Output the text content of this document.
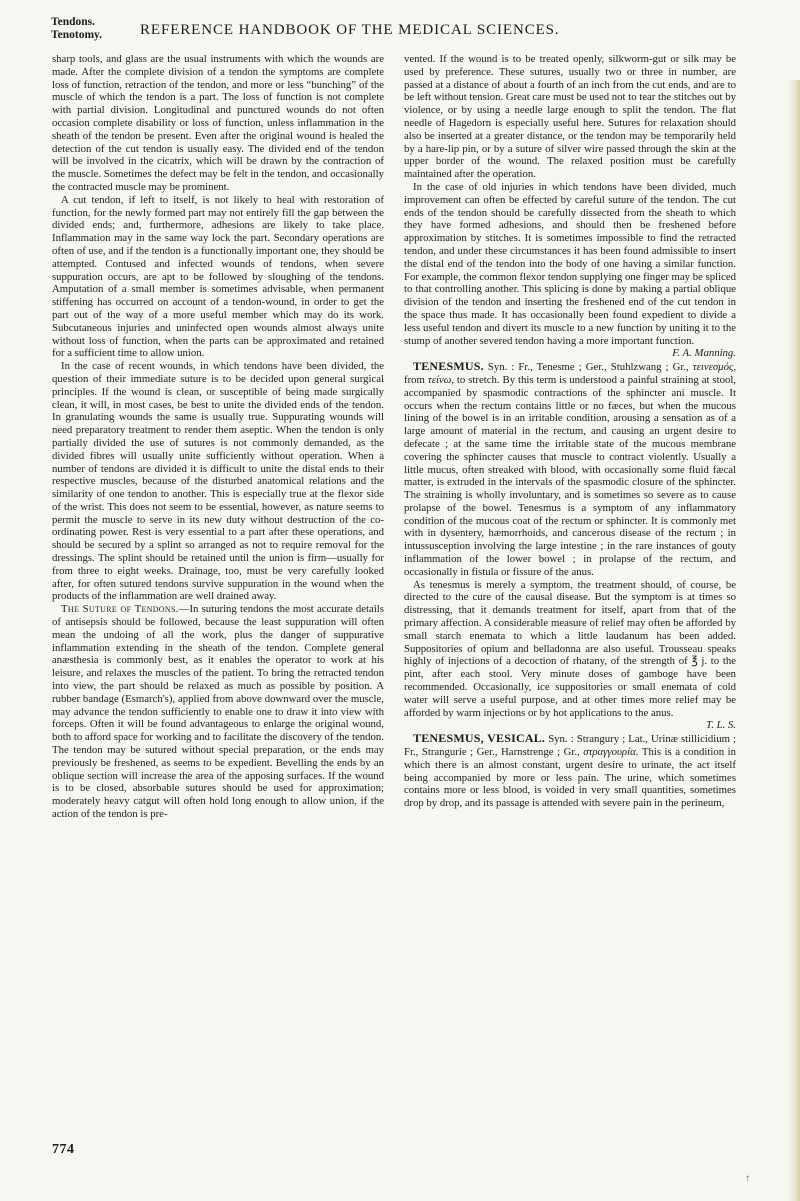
Tendons.
Tenotomy.	REFERENCE HANDBOOK OF THE MEDICAL SCIENCES.

sharp tools, and glass are the usual instruments with which the wounds are made. After the complete division of a tendon the symptoms are complete loss of function, retraction of the tendon, and more or less “bunching” of the muscle of which the tendon is a part. The loss of function is not complete with partial division. Longitudinal and punctured wounds do not often occasion complete disability or loss of function, unless inflammation in the sheath of the tendon be present. Even after the original wound is healed the detection of the cut tendon is usually easy. The divided end of the tendon will be involved in the cicatrix, which will be drawn by the contraction of the muscle. Sometimes the defect may be felt in the tendon, and occasionally the contracted muscle may be prominent.

A cut tendon, if left to itself, is not likely to heal with restoration of function, for the newly formed part may not entirely fill the gap between the divided ends; and, furthermore, adhesions are likely to take place. Inflammation may in the same way lock the part. Secondary operations are often of use, and if the tendon is a functionally important one, they should be attempted. Contused and infected wounds of tendons, when severe suppuration occurs, are apt to be followed by sloughing of the tendons. Amputation of a small member is sometimes advisable, when permanent stiffening has occurred on account of a tendon-wound, in order to get the part out of the way of a more useful member which may do its work. Subcutaneous injuries and uninfected open wounds almost always unite without loss of function, when the parts can be approximated and retained for a sufficient time to allow union.

In the case of recent wounds, in which tendons have been divided, the question of their immediate suture is to be decided upon general surgical principles. If the wound is clean, or susceptible of being made surgically clean, it will, in most cases, be best to unite the divided ends of the tendon. In granulating wounds the same is usually true. Suppurating wounds will need preparatory treatment to render them aseptic. When the tendon is only partially divided the use of sutures is not commonly demanded, as the divided fibres will usually unite sufficiently without operation. When a number of tendons are divided it is difficult to unite the distal ends to their respective muscles, because of the disturbed anatomical relations and the similarity of one tendon to another. This is especially true at the flexor side of the wrist. This does not seem to be essential, however, as nature seems to permit the muscle to serve in its new duty without destruction of the co-ordinating power. Rest is very essential to a part after these operations, and should be secured by a splint so arranged as not to require removal for the dressings. The splint should be retained until the union is firm—usually for from three to eight weeks. Drainage, too, must be very carefully looked after, for often sutured tendons survive suppuration in the wound when the products of the inflammation are well drained away.

The Suture of Tendons.—In suturing tendons the most accurate details of antisepsis should be followed, because the least suppuration will often mean the undoing of all the work, plus the danger of suppurative inflammation extending in the sheath of the tendon. Complete general anæsthesia is commonly best, as it enables the operator to work at his leisure, and relaxes the muscles of the patient. To bring the retracted tendon into view, the part should be relaxed as much as possible by position. A rubber bandage (Esmarch's), applied from above downward over the muscle, may advance the tendon sufficiently to enable one to draw it into view with forceps. Often it will be found advantageous to enlarge the original wound, both to afford space for working and to facilitate the discovery of the tendon. The tendon may be sutured without special preparation, or the ends may previously be freshened, as seems to be expedient. Bevelling the ends by an oblique section will increase the area of the apposing surfaces. If the wound is to be closed, absorbable sutures should be used for approximation; moderately heavy catgut will often hold long enough to allow union, if the action of the tendon is pre-

vented. If the wound is to be treated openly, silkworm-gut or silk may be used by preference. These sutures, usually two or three in number, are passed at a distance of about a fourth of an inch from the cut ends, and are to be left without tension. Great care must be used not to tear the stitches out by violence, or by using a needle large enough to split the tendon. The flat needle of Hagedorn is especially useful here. Sutures for relaxation should also be inserted at a greater distance, or the tendon may be temporarily held by a hare-lip pin, or by a suture of silver wire passed through the skin at the upper border of the wound. The relaxed position must be carefully maintained after the operation.

In the case of old injuries in which tendons have been divided, much improvement can often be effected by careful suture of the tendon. The cut ends of the tendon should be carefully dissected from the sheath to which they have formed adhesions, and should then be freshened before approximation by stitches. It is sometimes impossible to find the retracted tendon, and under these circumstances it has been found admissible to insert the distal end of the tendon into the body of one having a similar function. For example, the common flexor tendon supplying one finger may be spliced to that controlling another. This splicing is done by making a partial oblique division of the tendon and inserting the freshened end of the cut tendon in the space thus made. It has occasionally been found expedient to divide a less useful tendon and divert its muscle to a new function by uniting it to the stump of another severed tendon having a more important function.

F. A. Manning.

TENESMUS. Syn. : Fr., Tenesme ; Ger., Stuhlzwang ; Gr., τεινεσμός, from τείνω, to stretch. By this term is understood a painful straining at stool, accompanied by spasmodic contractions of the sphincter ani muscle. It occurs when the rectum contains little or no fæces, but when the mucous lining of the bowel is in an irritable condition, arousing a sensation as of a large amount of material in the rectum, and causing an urgent desire to defecate ; at the same time the irritable state of the mucous membrane covering the sphincter causes that muscle to contract violently. Usually a little mucus, often streaked with blood, with occasionally some fluid fæcal matter, is extruded in the intervals of the spasmodic closure of the sphincter. The straining is wholly involuntary, and is sometimes so severe as to cause prolapse of the bowel. Tenesmus is a symptom of any inflammatory condition of the mucous coat of the rectum or sphincter. It is commonly met with in dysentery, hæmorrhoids, and cancerous disease of the rectum ; in intussusception involving the large intestine ; in the rare instances of gouty inflammation of the lower bowel ; in prolapse of the rectum, and occasionally in fistula or fissure of the anus.

As tenesmus is merely a symptom, the treatment should, of course, be directed to the cure of the causal disease. But the symptom is at times so distressing, that it demands treatment for itself, apart from that of the primary affection. A considerable measure of relief may often be afforded by small starch enemata to which a little laudanum has been added. Suppositories of opium and belladonna are also useful. Trousseau speaks highly of injections of a decoction of rhatany, of the strength of ℥ j. to the pint, after each stool. Very minute doses of gamboge have been recommended. Occasionally, ice suppositories or small enemata of cold water will serve a useful purpose, and at other times more relief may be afforded by warm injections or by hot applications to the anus.

T. L. S.

TENESMUS, VESICAL. Syn. : Strangury ; Lat., Urinæ stillicidium ; Fr., Strangurie ; Ger., Harnstrenge ; Gr., στραγγουρία. This is a condition in which there is an almost constant, urgent desire to urinate, the act itself being accompanied by more or less pain. The urine, which sometimes contains more or less blood, is voided in very small quantities, sometimes drop by drop, and its passage is attended with severe pain in the perineum,

774
↑
